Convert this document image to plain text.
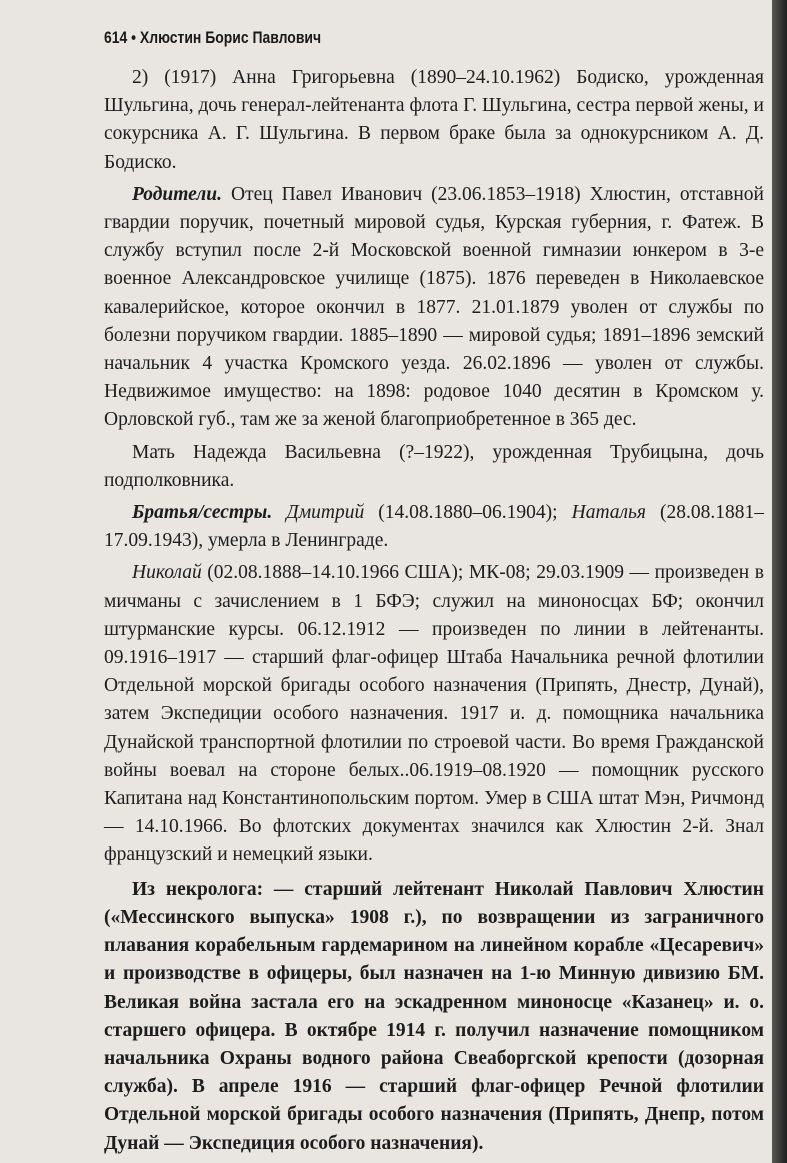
614 • Хлюстин Борис Павлович

2) (1917) Анна Григорьевна (1890–24.10.1962) Бодиско, урожденная Шульгина, дочь генерал-лейтенанта флота Г. Шульгина, сестра первой жены, и сокурсника А. Г. Шульгина. В первом браке была за однокурсником А. Д. Бодиско.

Родители. Отец Павел Иванович (23.06.1853–1918) Хлюстин, отставной гвардии поручик, почетный мировой судья, Курская губерния, г. Фатеж. В службу вступил после 2-й Московской военной гимназии юнкером в 3-е военное Александровское училище (1875). 1876 переведен в Николаевское кавалерийское, которое окончил в 1877. 21.01.1879 уволен от службы по болезни поручиком гвардии. 1885–1890 — мировой судья; 1891–1896 земский начальник 4 участка Кромского уезда. 26.02.1896 — уволен от службы. Недвижимое имущество: на 1898: родовое 1040 десятин в Кромском у. Орловской губ., там же за женой благоприобретенное в 365 дес.

Мать Надежда Васильевна (?–1922), урожденная Трубицына, дочь подполковника.

Братья/сестры. Дмитрий (14.08.1880–06.1904); Наталья (28.08.1881–17.09.1943), умерла в Ленинграде.

Николай (02.08.1888–14.10.1966 США); МК-08; 29.03.1909 — произведен в мичманы с зачислением в 1 БФЭ; служил на миноносцах БФ; окончил штурманские курсы. 06.12.1912 — произведен по линии в лейтенанты. 09.1916–1917 — старший флаг-офицер Штаба Начальника речной флотилии Отдельной морской бригады особого назначения (Припять, Днестр, Дунай), затем Экспедиции особого назначения. 1917 и. д. помощника начальника Дунайской транспортной флотилии по строевой части. Во время Гражданской войны воевал на стороне белых..06.1919–08.1920 — помощник русского Капитана над Константинопольским портом. Умер в США штат Мэн, Ричмонд — 14.10.1966. Во флотских документах значился как Хлюстин 2-й. Знал французский и немецкий языки.

Из некролога: — старший лейтенант Николай Павлович Хлюстин («Мессинского выпуска» 1908 г.), по возвращении из заграничного плавания корабельным гардемарином на линейном корабле «Цесаревич» и производстве в офицеры, был назначен на 1-ю Минную дивизию БМ. Великая война застала его на эскадренном миноносце «Казанец» и. о. старшего офицера. В октябре 1914 г. получил назначение помощником начальника Охраны водного района Свеаборгской крепости (дозорная служба). В апреле 1916 — старший флаг-офицер Речной флотилии Отдельной морской бригады особого назначения (Припять, Днепр, потом Дунай — Экспедиция особого назначения).
